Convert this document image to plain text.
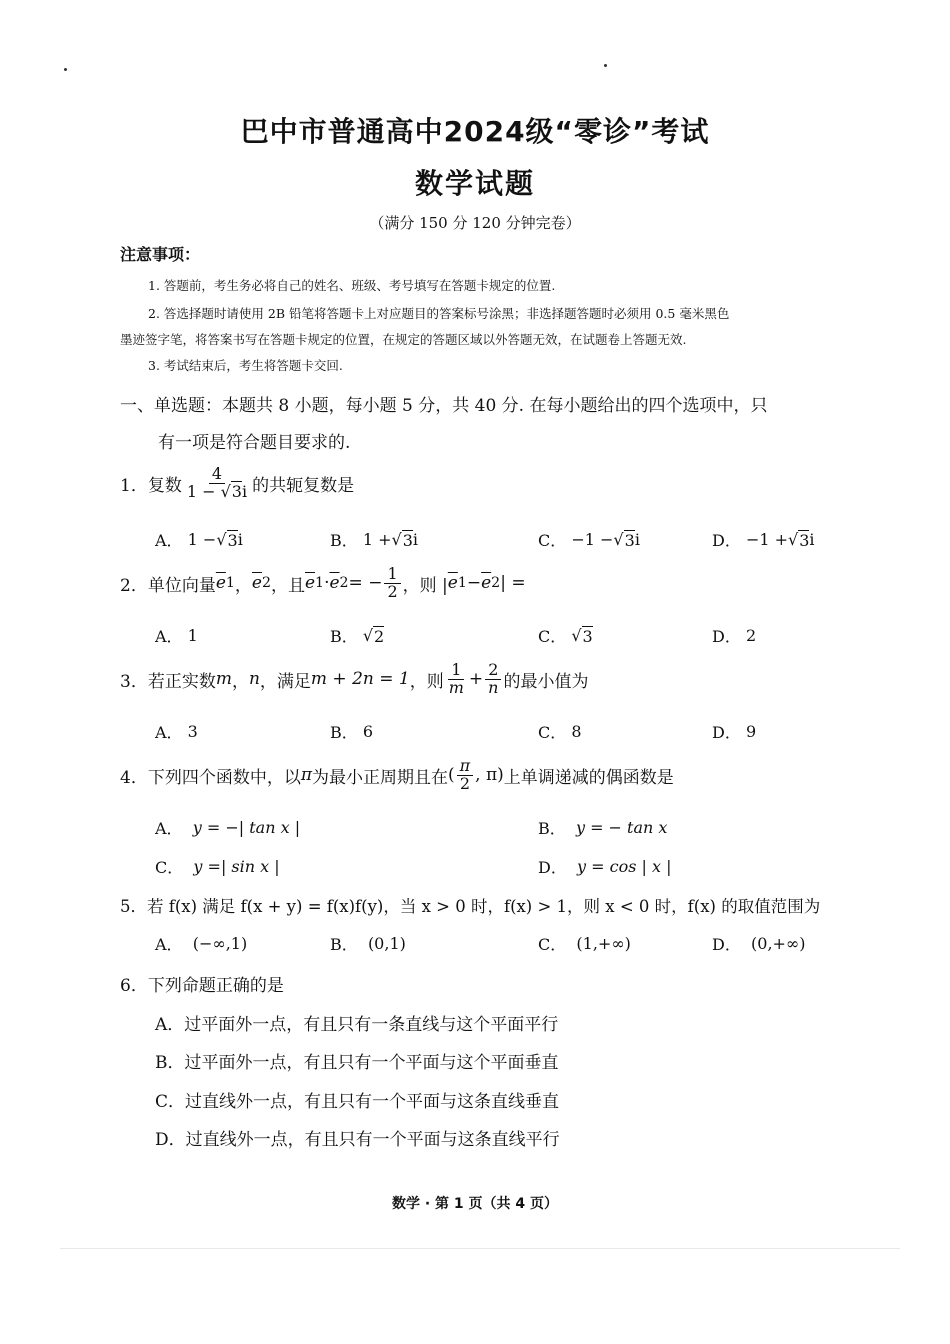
巴中市普通高中2024级“零诊”考试
数学试题
（满分 150 分 120 分钟完卷）
注意事项：
1. 答题前，考生务必将自己的姓名、班级、考号填写在答题卡规定的位置.
2. 答选择题时请使用 2B 铅笔将答题卡上对应题目的答案标号涂黑；非选择题答题时必须用 0.5 毫米黑色
墨迹签字笔，将答案书写在答题卡规定的位置，在规定的答题区域以外答题无效，在试题卷上答题无效.
3. 考试结束后，考生将答题卡交回.
一、单选题：本题共 8 小题，每小题 5 分，共 40 分. 在每小题给出的四个选项中，只
有一项是符合题目要求的.
1． 复数 $\frac{4}{1 - √3i}$ 的共轭复数是
A．
1 − √ 3 i	B．
1 + √ 3 i	C．
−1 − √ 3 i	D．
−1 + √ 3 i
2． 单位向量 $\overline{e}$ 1 ， $\overline{e}$ 2 ，且 $\overline{e}$ $1 \cdot \overline{e}$ 2 = − $\frac{1}{2}$ ，则 | $\overline{e}$ $1 - \overline{e}$ 2 | =
A．
1	B． √ 2	C． √ 3	D．
2
3． 若正实数 m ， n ，满足 m + 2n = 1 ，则 $\frac{1}{m} + \frac{2}{n}$ 的最小值为
A．
3	B．
6	C．
8	D．
9
4． 下列四个函数中，以 π 为最小正周期且在 ( $\frac{\pi}{2}$ , π) 上单调递减的偶函数是
A．
y = −| tan x |	B．
y = − tan x
C．
y =| sin x |	D．
y = cos | x |
5． 若 f(x) 满足 f(x + y) = f(x)f(y)，当 x > 0 时，f(x) > 1，则 x < 0 时，f(x) 的取值范围为
A．
(−∞,1)	B．
(0,1)	C．
(1,+∞)	D．
(0,+∞)
6． 下列命题正确的是
A． 过平面外一点，有且只有一条直线与这个平面平行
B． 过平面外一点，有且只有一个平面与这个平面垂直
C． 过直线外一点，有且只有一个平面与这条直线垂直
D． 过直线外一点，有且只有一个平面与这条直线平行
数学 · 第 1 页（共 4 页）
